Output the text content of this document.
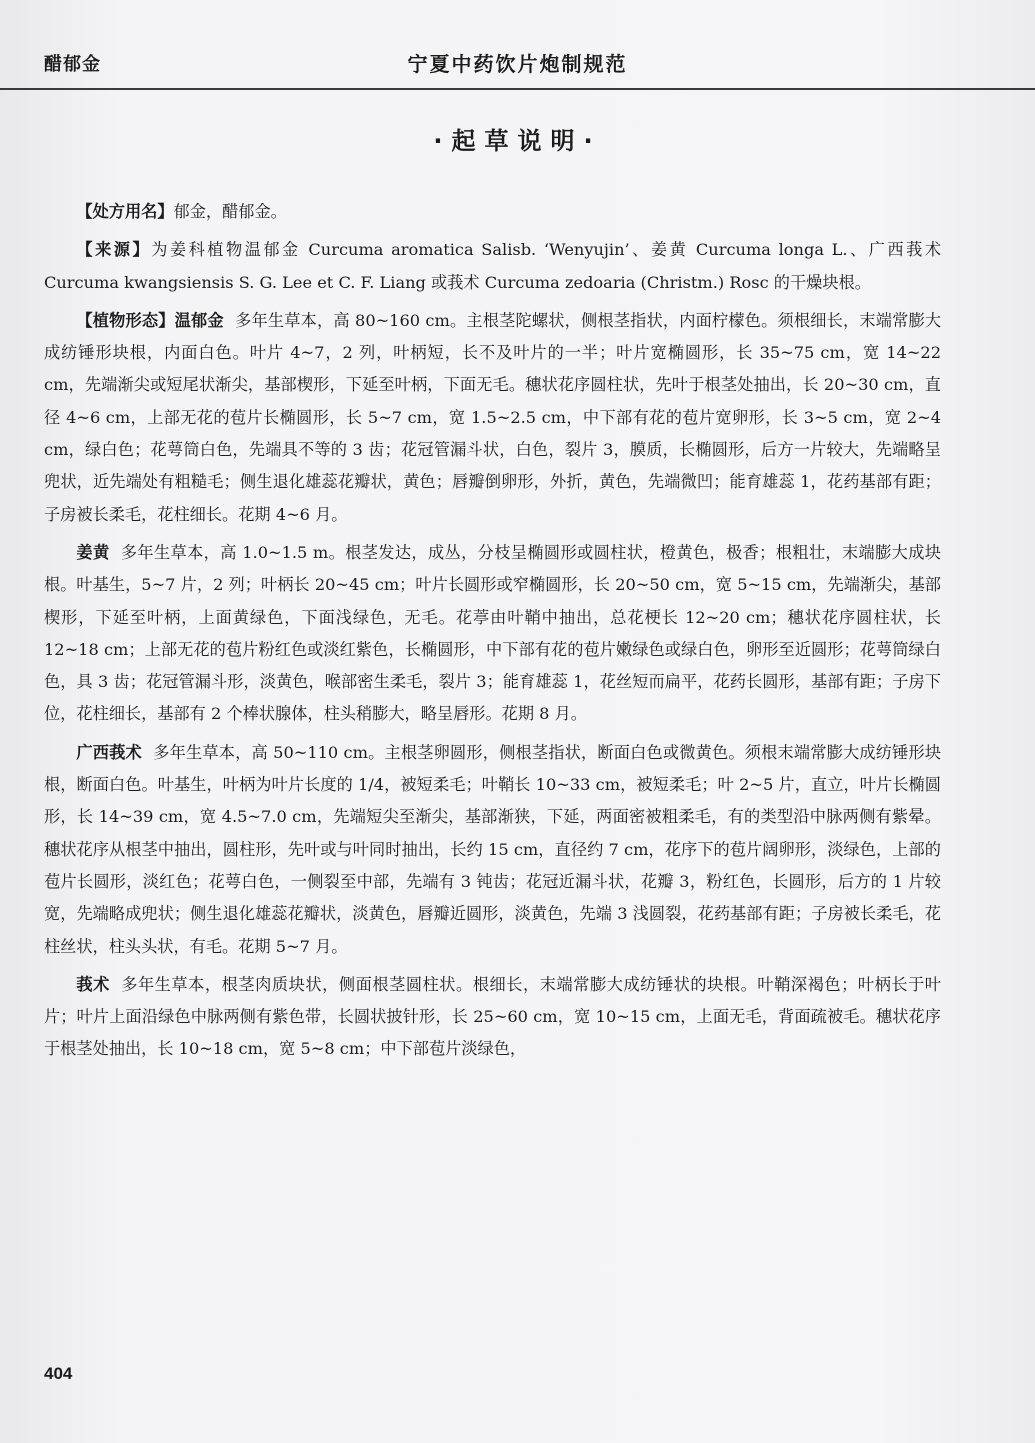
醋郁金	宁夏中药饮片炮制规范
·起草说明·

【处方用名】郁金，醋郁金。

【来源】为姜科植物温郁金 Curcuma aromatica Salisb. ‘Wenyujin’、姜黄 Curcuma longa L.、广西莪术 Curcuma kwangsiensis S. G. Lee et C. F. Liang 或莪术 Curcuma zedoaria (Christm.) Rosc 的干燥块根。

【植物形态】温郁金 多年生草本，高 80~160 cm。主根茎陀螺状，侧根茎指状，内面柠檬色。须根细长，末端常膨大成纺锤形块根，内面白色。叶片 4~7，2 列，叶柄短，长不及叶片的一半；叶片宽椭圆形，长 35~75 cm，宽 14~22 cm，先端渐尖或短尾状渐尖，基部楔形，下延至叶柄，下面无毛。穗状花序圆柱状，先叶于根茎处抽出，长 20~30 cm，直径 4~6 cm，上部无花的苞片长椭圆形，长 5~7 cm，宽 1.5~2.5 cm，中下部有花的苞片宽卵形，长 3~5 cm，宽 2~4 cm，绿白色；花萼筒白色，先端具不等的 3 齿；花冠管漏斗状，白色，裂片 3，膜质，长椭圆形，后方一片较大，先端略呈兜状，近先端处有粗糙毛；侧生退化雄蕊花瓣状，黄色；唇瓣倒卵形，外折，黄色，先端微凹；能育雄蕊 1，花药基部有距；子房被长柔毛，花柱细长。花期 4~6 月。

姜黄 多年生草本，高 1.0~1.5 m。根茎发达，成丛，分枝呈椭圆形或圆柱状，橙黄色，极香；根粗壮，末端膨大成块根。叶基生，5~7 片，2 列；叶柄长 20~45 cm；叶片长圆形或窄椭圆形，长 20~50 cm，宽 5~15 cm，先端渐尖，基部楔形，下延至叶柄，上面黄绿色，下面浅绿色，无毛。花葶由叶鞘中抽出，总花梗长 12~20 cm；穗状花序圆柱状，长 12~18 cm；上部无花的苞片粉红色或淡红紫色，长椭圆形，中下部有花的苞片嫩绿色或绿白色，卵形至近圆形；花萼筒绿白色，具 3 齿；花冠管漏斗形，淡黄色，喉部密生柔毛，裂片 3；能育雄蕊 1，花丝短而扁平，花药长圆形，基部有距；子房下位，花柱细长，基部有 2 个棒状腺体，柱头稍膨大，略呈唇形。花期 8 月。

广西莪术 多年生草本，高 50~110 cm。主根茎卵圆形，侧根茎指状，断面白色或微黄色。须根末端常膨大成纺锤形块根，断面白色。叶基生，叶柄为叶片长度的 1/4，被短柔毛；叶鞘长 10~33 cm，被短柔毛；叶 2~5 片，直立，叶片长椭圆形，长 14~39 cm，宽 4.5~7.0 cm，先端短尖至渐尖，基部渐狭，下延，两面密被粗柔毛，有的类型沿中脉两侧有紫晕。穗状花序从根茎中抽出，圆柱形，先叶或与叶同时抽出，长约 15 cm，直径约 7 cm，花序下的苞片阔卵形，淡绿色，上部的苞片长圆形，淡红色；花萼白色，一侧裂至中部，先端有 3 钝齿；花冠近漏斗状，花瓣 3，粉红色，长圆形，后方的 1 片较宽，先端略成兜状；侧生退化雄蕊花瓣状，淡黄色，唇瓣近圆形，淡黄色，先端 3 浅圆裂，花药基部有距；子房被长柔毛，花柱丝状，柱头头状，有毛。花期 5~7 月。

莪术 多年生草本，根茎肉质块状，侧面根茎圆柱状。根细长，末端常膨大成纺锤状的块根。叶鞘深褐色；叶柄长于叶片；叶片上面沿绿色中脉两侧有紫色带，长圆状披针形，长 25~60 cm，宽 10~15 cm，上面无毛，背面疏被毛。穗状花序于根茎处抽出，长 10~18 cm，宽 5~8 cm；中下部苞片淡绿色，

404
